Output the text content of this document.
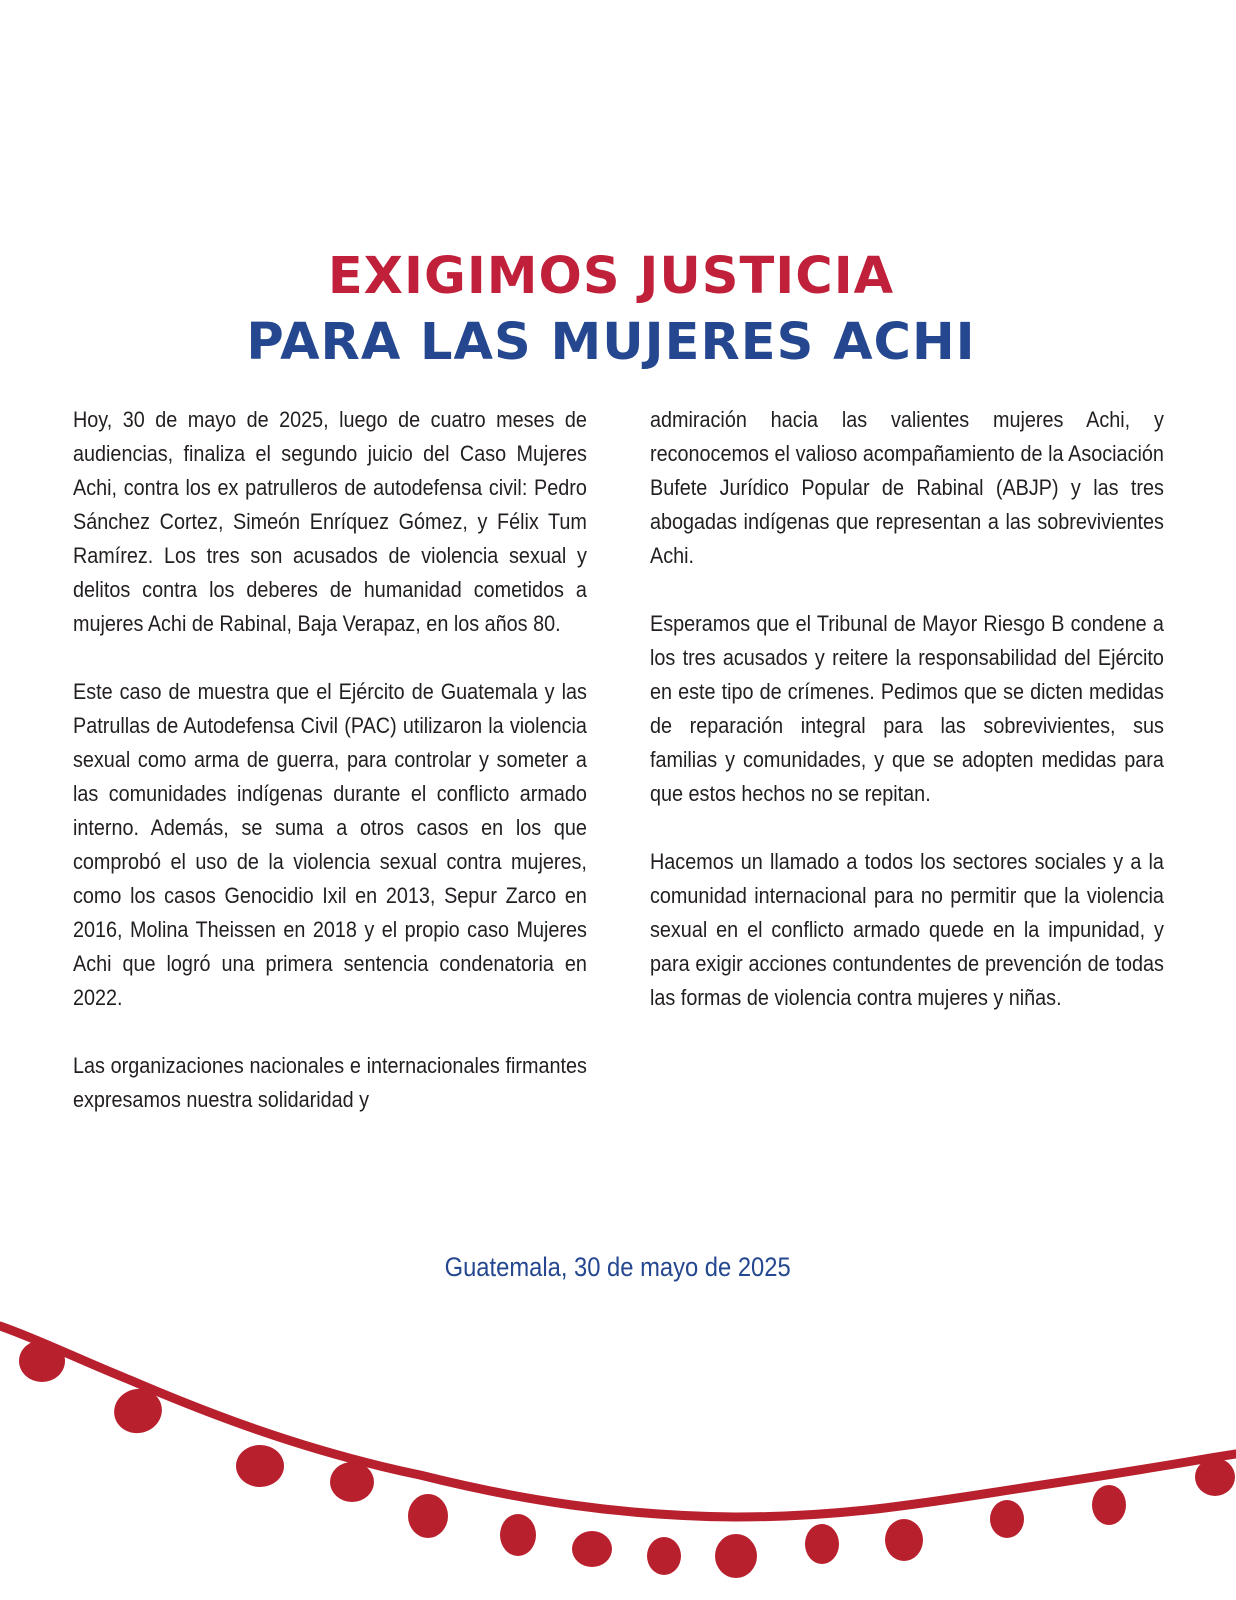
EXIGIMOS JUSTICIA
PARA LAS MUJERES ACHI

Hoy, 30 de mayo de 2025, luego de cuatro meses de audiencias, finaliza el segundo juicio del Caso Mujeres Achi, contra los ex patrulleros de autodefensa civil: Pedro Sánchez Cortez, Simeón Enríquez Gómez, y Félix Tum Ramírez. Los tres son acusados de violencia sexual y delitos contra los deberes de humanidad cometidos a mujeres Achi de Rabinal, Baja Verapaz, en los años 80.

Este caso de muestra que el Ejército de Guatemala y las Patrullas de Autodefensa Civil (PAC) utilizaron la violencia sexual como arma de guerra, para controlar y someter a las comunidades indígenas durante el conflicto armado interno. Además, se suma a otros casos en los que comprobó el uso de la violencia sexual contra mujeres, como los casos Genocidio Ixil en 2013, Sepur Zarco en 2016, Molina Theissen en 2018 y el propio caso Mujeres Achi que logró una primera sentencia condenatoria en 2022.

Las organizaciones nacionales e internacionales firmantes expresamos nuestra solidaridad y

admiración hacia las valientes mujeres Achi, y reconocemos el valioso acompañamiento de la Asociación Bufete Jurídico Popular de Rabinal (ABJP) y las tres abogadas indígenas que representan a las sobrevivientes Achi.

Esperamos que el Tribunal de Mayor Riesgo B condene a los tres acusados y reitere la responsabilidad del Ejército en este tipo de crímenes. Pedimos que se dicten medidas de reparación integral para las sobrevivientes, sus familias y comunidades, y que se adopten medidas para que estos hechos no se repitan.

Hacemos un llamado a todos los sectores sociales y a la comunidad internacional para no permitir que la violencia sexual en el conflicto armado quede en la impunidad, y para exigir acciones contundentes de prevención de todas las formas de violencia contra mujeres y niñas.

Guatemala, 30 de mayo de 2025
